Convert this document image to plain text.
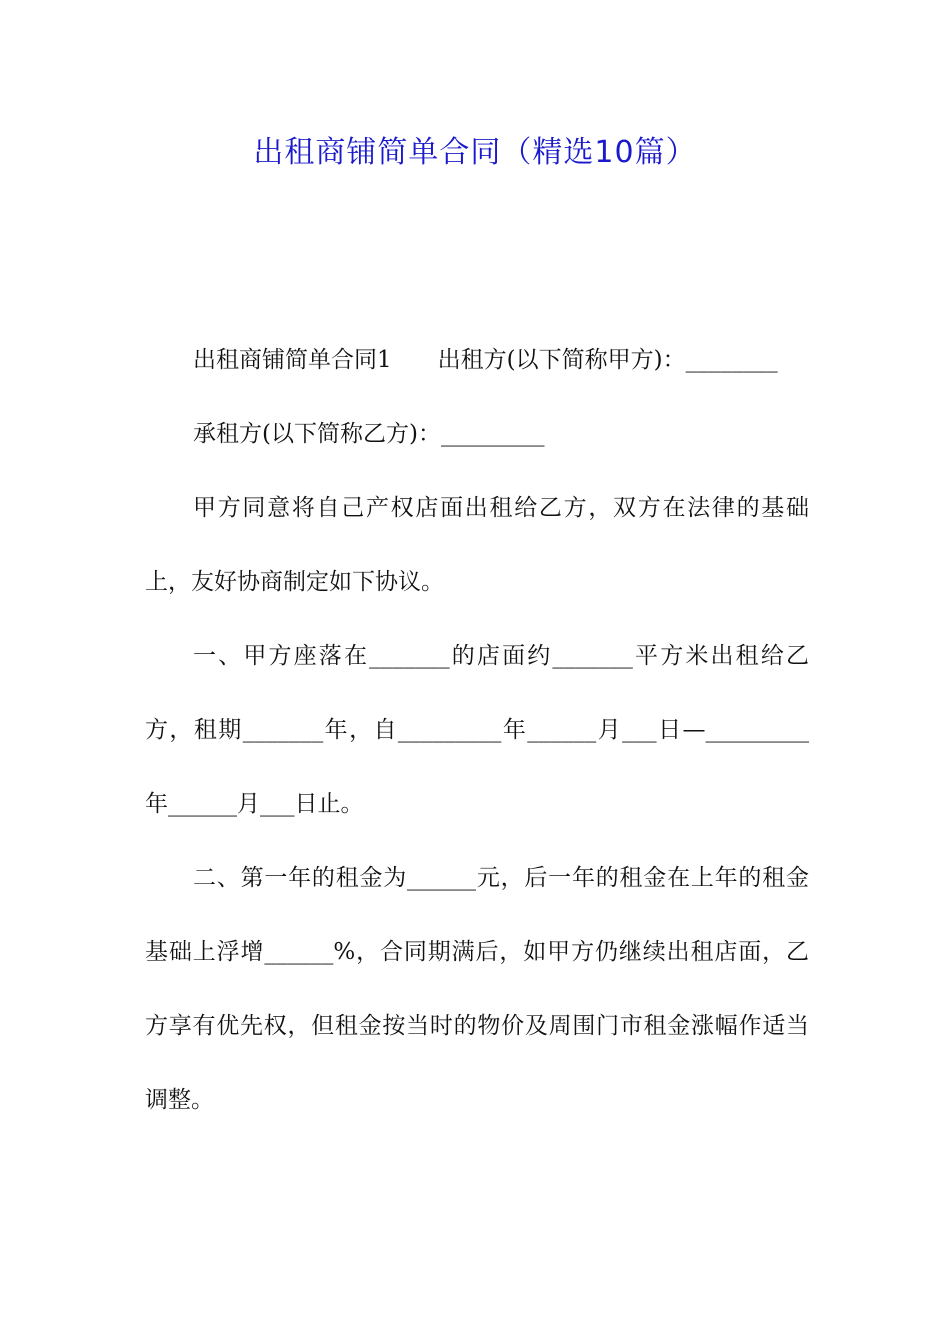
出租商铺简单合同（精选10篇）

出租商铺简单合同1　　出租方(以下简称甲方)：________

承租方(以下简称乙方)：_________

甲方同意将自己产权店面出租给乙方，双方在法律的基础上，友好协商制定如下协议。

一、甲方座落在_______的店面约_______平方米出租给乙方，租期_______年，自_________年______月___日—_________年______月___日止。

二、第一年的租金为______元，后一年的租金在上年的租金基础上浮增______%，合同期满后，如甲方仍继续出租店面，乙方享有优先权，但租金按当时的物价及周围门市租金涨幅作适当调整。
